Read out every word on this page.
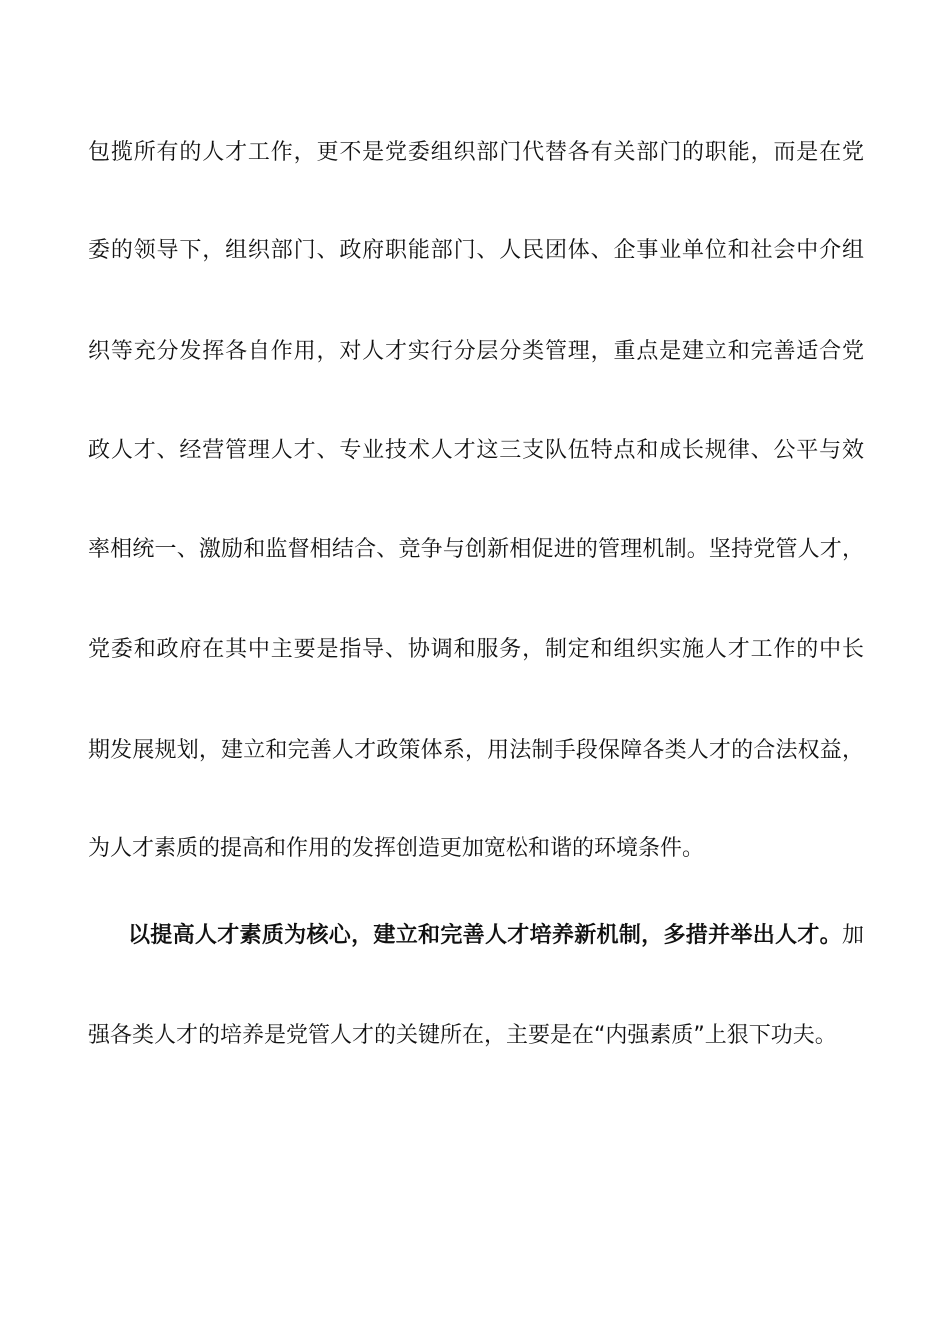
包揽所有的人才工作，更不是党委组织部门代替各有关部门的职能，而是在党
委的领导下，组织部门、政府职能部门、人民团体、企事业单位和社会中介组
织等充分发挥各自作用，对人才实行分层分类管理，重点是建立和完善适合党
政人才、经营管理人才、专业技术人才这三支队伍特点和成长规律、公平与效
率相统一、激励和监督相结合、竞争与创新相促进的管理机制。坚持党管人才，
党委和政府在其中主要是指导、协调和服务，制定和组织实施人才工作的中长
期发展规划，建立和完善人才政策体系，用法制手段保障各类人才的合法权益，
为人才素质的提高和作用的发挥创造更加宽松和谐的环境条件。
以提高人才素质为核心，建立和完善人才培养新机制，多措并举出人才。加
强各类人才的培养是党管人才的关键所在，主要是在“内强素质”上狠下功夫。
